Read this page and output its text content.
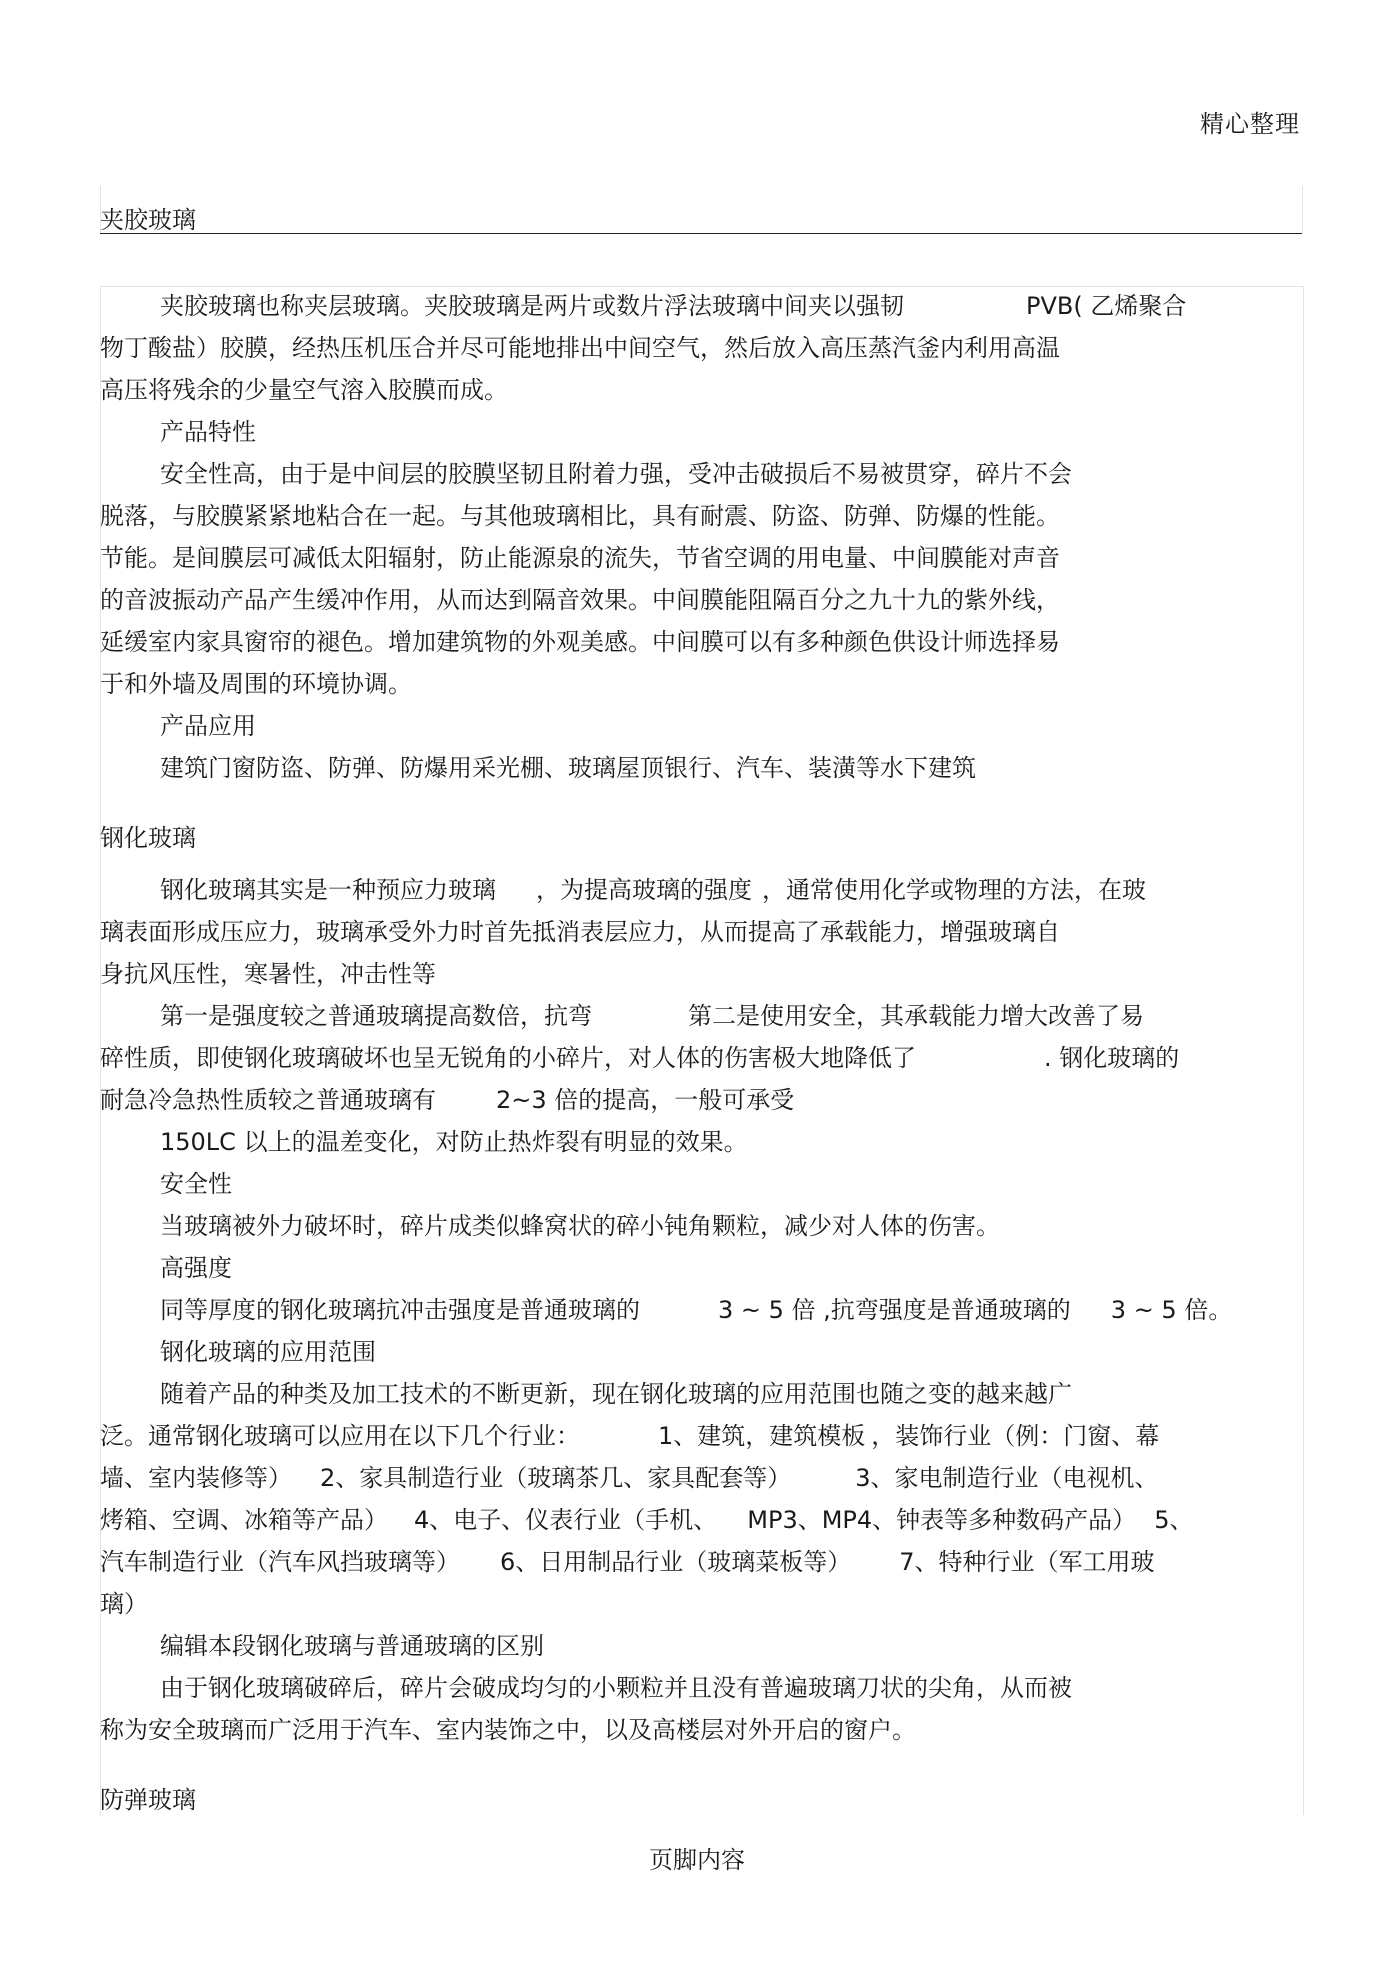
精心整理
夹胶玻璃
夹胶玻璃也称夹层玻璃。夹胶玻璃是两片或数片浮法玻璃中间夹以强韧	PVB( 乙烯聚合
物丁酸盐）胶膜，经热压机压合并尽可能地排出中间空气，然后放入高压蒸汽釜内利用高温
高压将残余的少量空气溶入胶膜而成。
产品特性
安全性高，由于是中间层的胶膜坚韧且附着力强，受冲击破损后不易被贯穿，碎片不会
脱落，与胶膜紧紧地粘合在一起。与其他玻璃相比，具有耐震、防盗、防弹、防爆的性能。
节能。是间膜层可减低太阳辐射，防止能源泉的流失，节省空调的用电量、中间膜能对声音
的音波振动产品产生缓冲作用，从而达到隔音效果。中间膜能阻隔百分之九十九的紫外线，
延缓室内家具窗帘的褪色。增加建筑物的外观美感。中间膜可以有多种颜色供设计师选择易
于和外墙及周围的环境协调。
产品应用
建筑门窗防盗、防弹、防爆用采光棚、玻璃屋顶银行、汽车、装潢等水下建筑
钢化玻璃
钢化玻璃其实是一种预应力玻璃 ，为提高玻璃的强度 ，通常使用化学或物理的方法，在玻
璃表面形成压应力，玻璃承受外力时首先抵消表层应力，从而提高了承载能力，增强玻璃自
身抗风压性，寒暑性，冲击性等
第一是强度较之普通玻璃提高数倍，抗弯	第二是使用安全，其承载能力增大改善了易
碎性质，即使钢化玻璃破坏也呈无锐角的小碎片，对人体的伤害极大地降低了	. 钢化玻璃的
耐急冷急热性质较之普通玻璃有	2~3 倍的提高，一般可承受
150LC 以上的温差变化，对防止热炸裂有明显的效果。
安全性
当玻璃被外力破坏时，碎片成类似蜂窝状的碎小钝角颗粒，减少对人体的伤害。
高强度
同等厚度的钢化玻璃抗冲击强度是普通玻璃的	3 ~ 5 倍 ,抗弯强度是普通玻璃的 3 ~ 5 倍。
钢化玻璃的应用范围
随着产品的种类及加工技术的不断更新，现在钢化玻璃的应用范围也随之变的越来越广
泛。通常钢化玻璃可以应用在以下几个行业：	1、建筑，建筑模板 ，装饰行业（例：门窗、幕
墙、室内装修等） 2、家具制造行业（玻璃茶几、家具配套等）	3、家电制造行业（电视机、
烤箱、空调、冰箱等产品） 4、电子、仪表行业（手机、 MP3、MP4、钟表等多种数码产品） 5、
汽车制造行业（汽车风挡玻璃等） 6、日用制品行业（玻璃菜板等） 7、特种行业（军工用玻
璃）
编辑本段钢化玻璃与普通玻璃的区别
由于钢化玻璃破碎后，碎片会破成均匀的小颗粒并且没有普遍玻璃刀状的尖角，从而被
称为安全玻璃而广泛用于汽车、室内装饰之中，以及高楼层对外开启的窗户。
防弹玻璃
页脚内容
